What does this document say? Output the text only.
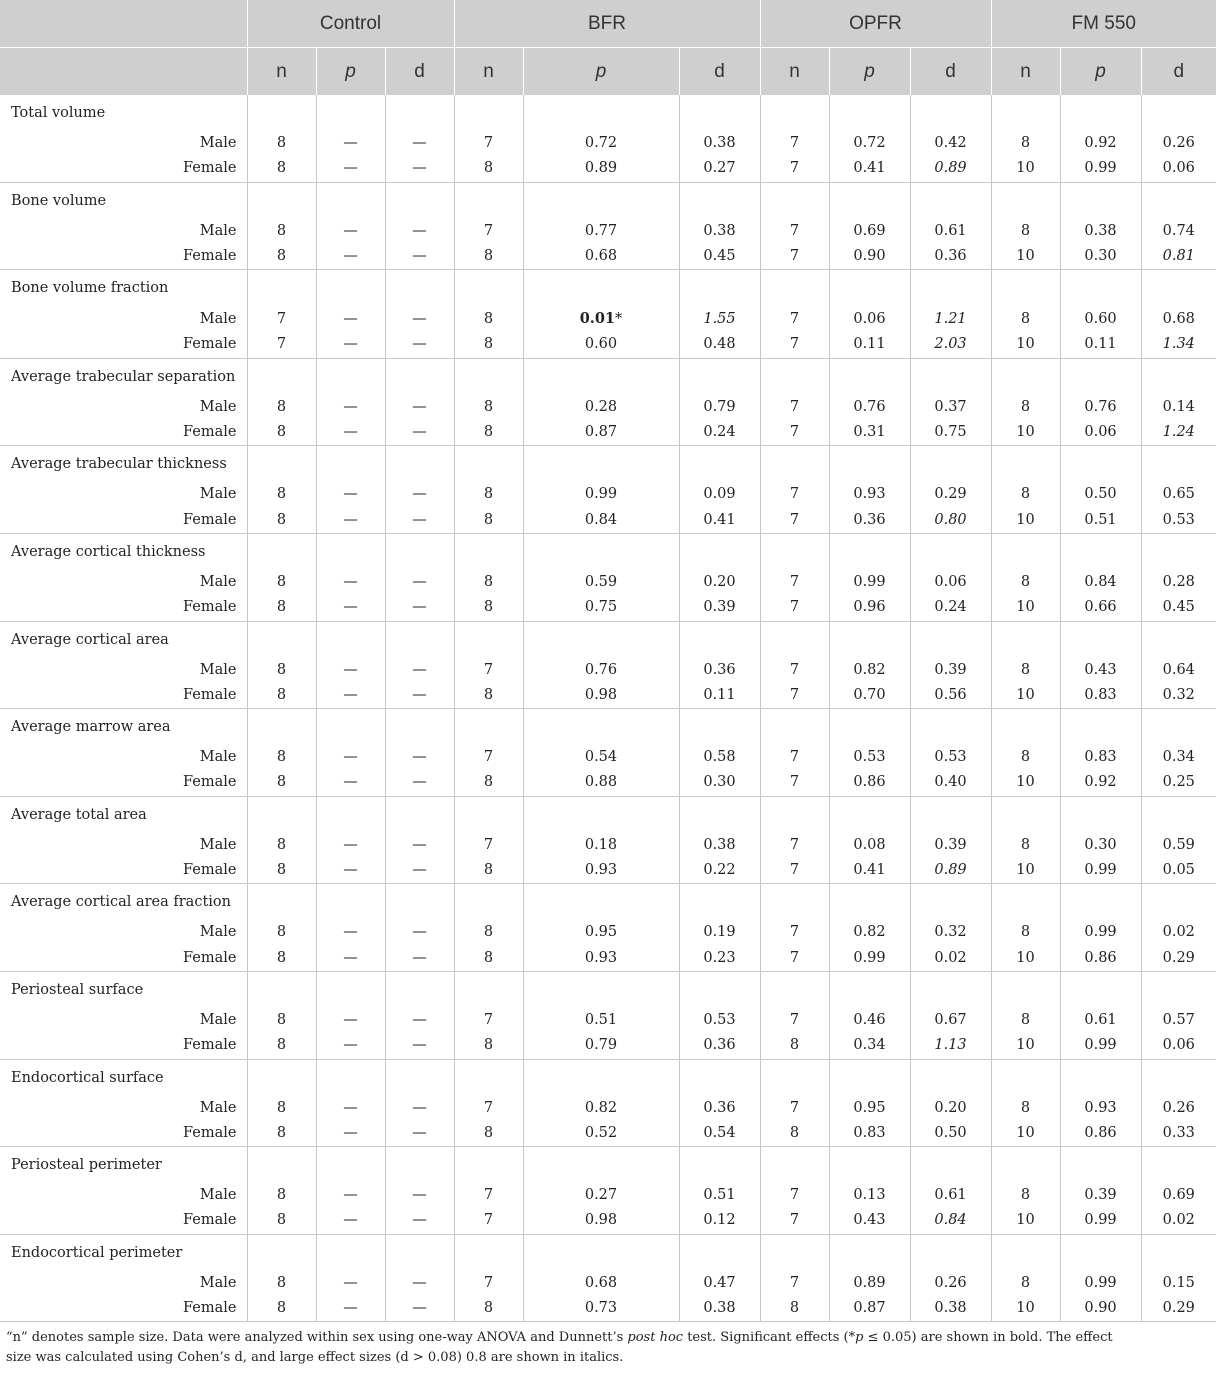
	Control			BFR			OPFR			FM 550		
	n	p	d	n	p	d	n	p	d	n	p	d
Total volume												
Male	8	—	—	7	0.72	0.38	7	0.72	0.42	8	0.92	0.26
Female	8	—	—	8	0.89	0.27	7	0.41	0.89	10	0.99	0.06
Bone volume												
Male	8	—	—	7	0.77	0.38	7	0.69	0.61	8	0.38	0.74
Female	8	—	—	8	0.68	0.45	7	0.90	0.36	10	0.30	0.81
Bone volume fraction												
Male	7	—	—	8	0.01*	1.55	7	0.06	1.21	8	0.60	0.68
Female	7	—	—	8	0.60	0.48	7	0.11	2.03	10	0.11	1.34
Average trabecular separation												
Male	8	—	—	8	0.28	0.79	7	0.76	0.37	8	0.76	0.14
Female	8	—	—	8	0.87	0.24	7	0.31	0.75	10	0.06	1.24
Average trabecular thickness												
Male	8	—	—	8	0.99	0.09	7	0.93	0.29	8	0.50	0.65
Female	8	—	—	8	0.84	0.41	7	0.36	0.80	10	0.51	0.53
Average cortical thickness												
Male	8	—	—	8	0.59	0.20	7	0.99	0.06	8	0.84	0.28
Female	8	—	—	8	0.75	0.39	7	0.96	0.24	10	0.66	0.45
Average cortical area												
Male	8	—	—	7	0.76	0.36	7	0.82	0.39	8	0.43	0.64
Female	8	—	—	8	0.98	0.11	7	0.70	0.56	10	0.83	0.32
Average marrow area												
Male	8	—	—	7	0.54	0.58	7	0.53	0.53	8	0.83	0.34
Female	8	—	—	8	0.88	0.30	7	0.86	0.40	10	0.92	0.25
Average total area												
Male	8	—	—	7	0.18	0.38	7	0.08	0.39	8	0.30	0.59
Female	8	—	—	8	0.93	0.22	7	0.41	0.89	10	0.99	0.05
Average cortical area fraction												
Male	8	—	—	8	0.95	0.19	7	0.82	0.32	8	0.99	0.02
Female	8	—	—	8	0.93	0.23	7	0.99	0.02	10	0.86	0.29
Periosteal surface												
Male	8	—	—	7	0.51	0.53	7	0.46	0.67	8	0.61	0.57
Female	8	—	—	8	0.79	0.36	8	0.34	1.13	10	0.99	0.06
Endocortical surface												
Male	8	—	—	7	0.82	0.36	7	0.95	0.20	8	0.93	0.26
Female	8	—	—	8	0.52	0.54	8	0.83	0.50	10	0.86	0.33
Periosteal perimeter												
Male	8	—	—	7	0.27	0.51	7	0.13	0.61	8	0.39	0.69
Female	8	—	—	7	0.98	0.12	7	0.43	0.84	10	0.99	0.02
Endocortical perimeter												
Male	8	—	—	7	0.68	0.47	7	0.89	0.26	8	0.99	0.15
Female	8	—	—	8	0.73	0.38	8	0.87	0.38	10	0.90	0.29

“n” denotes sample size. Data were analyzed within sex using one-way ANOVA and Dunnett’s post hoc test. Significant effects (*p ≤ 0.05) are shown in bold. The effect size was calculated using Cohen’s d, and large effect sizes (d > 0.08) 0.8 are shown in italics.
